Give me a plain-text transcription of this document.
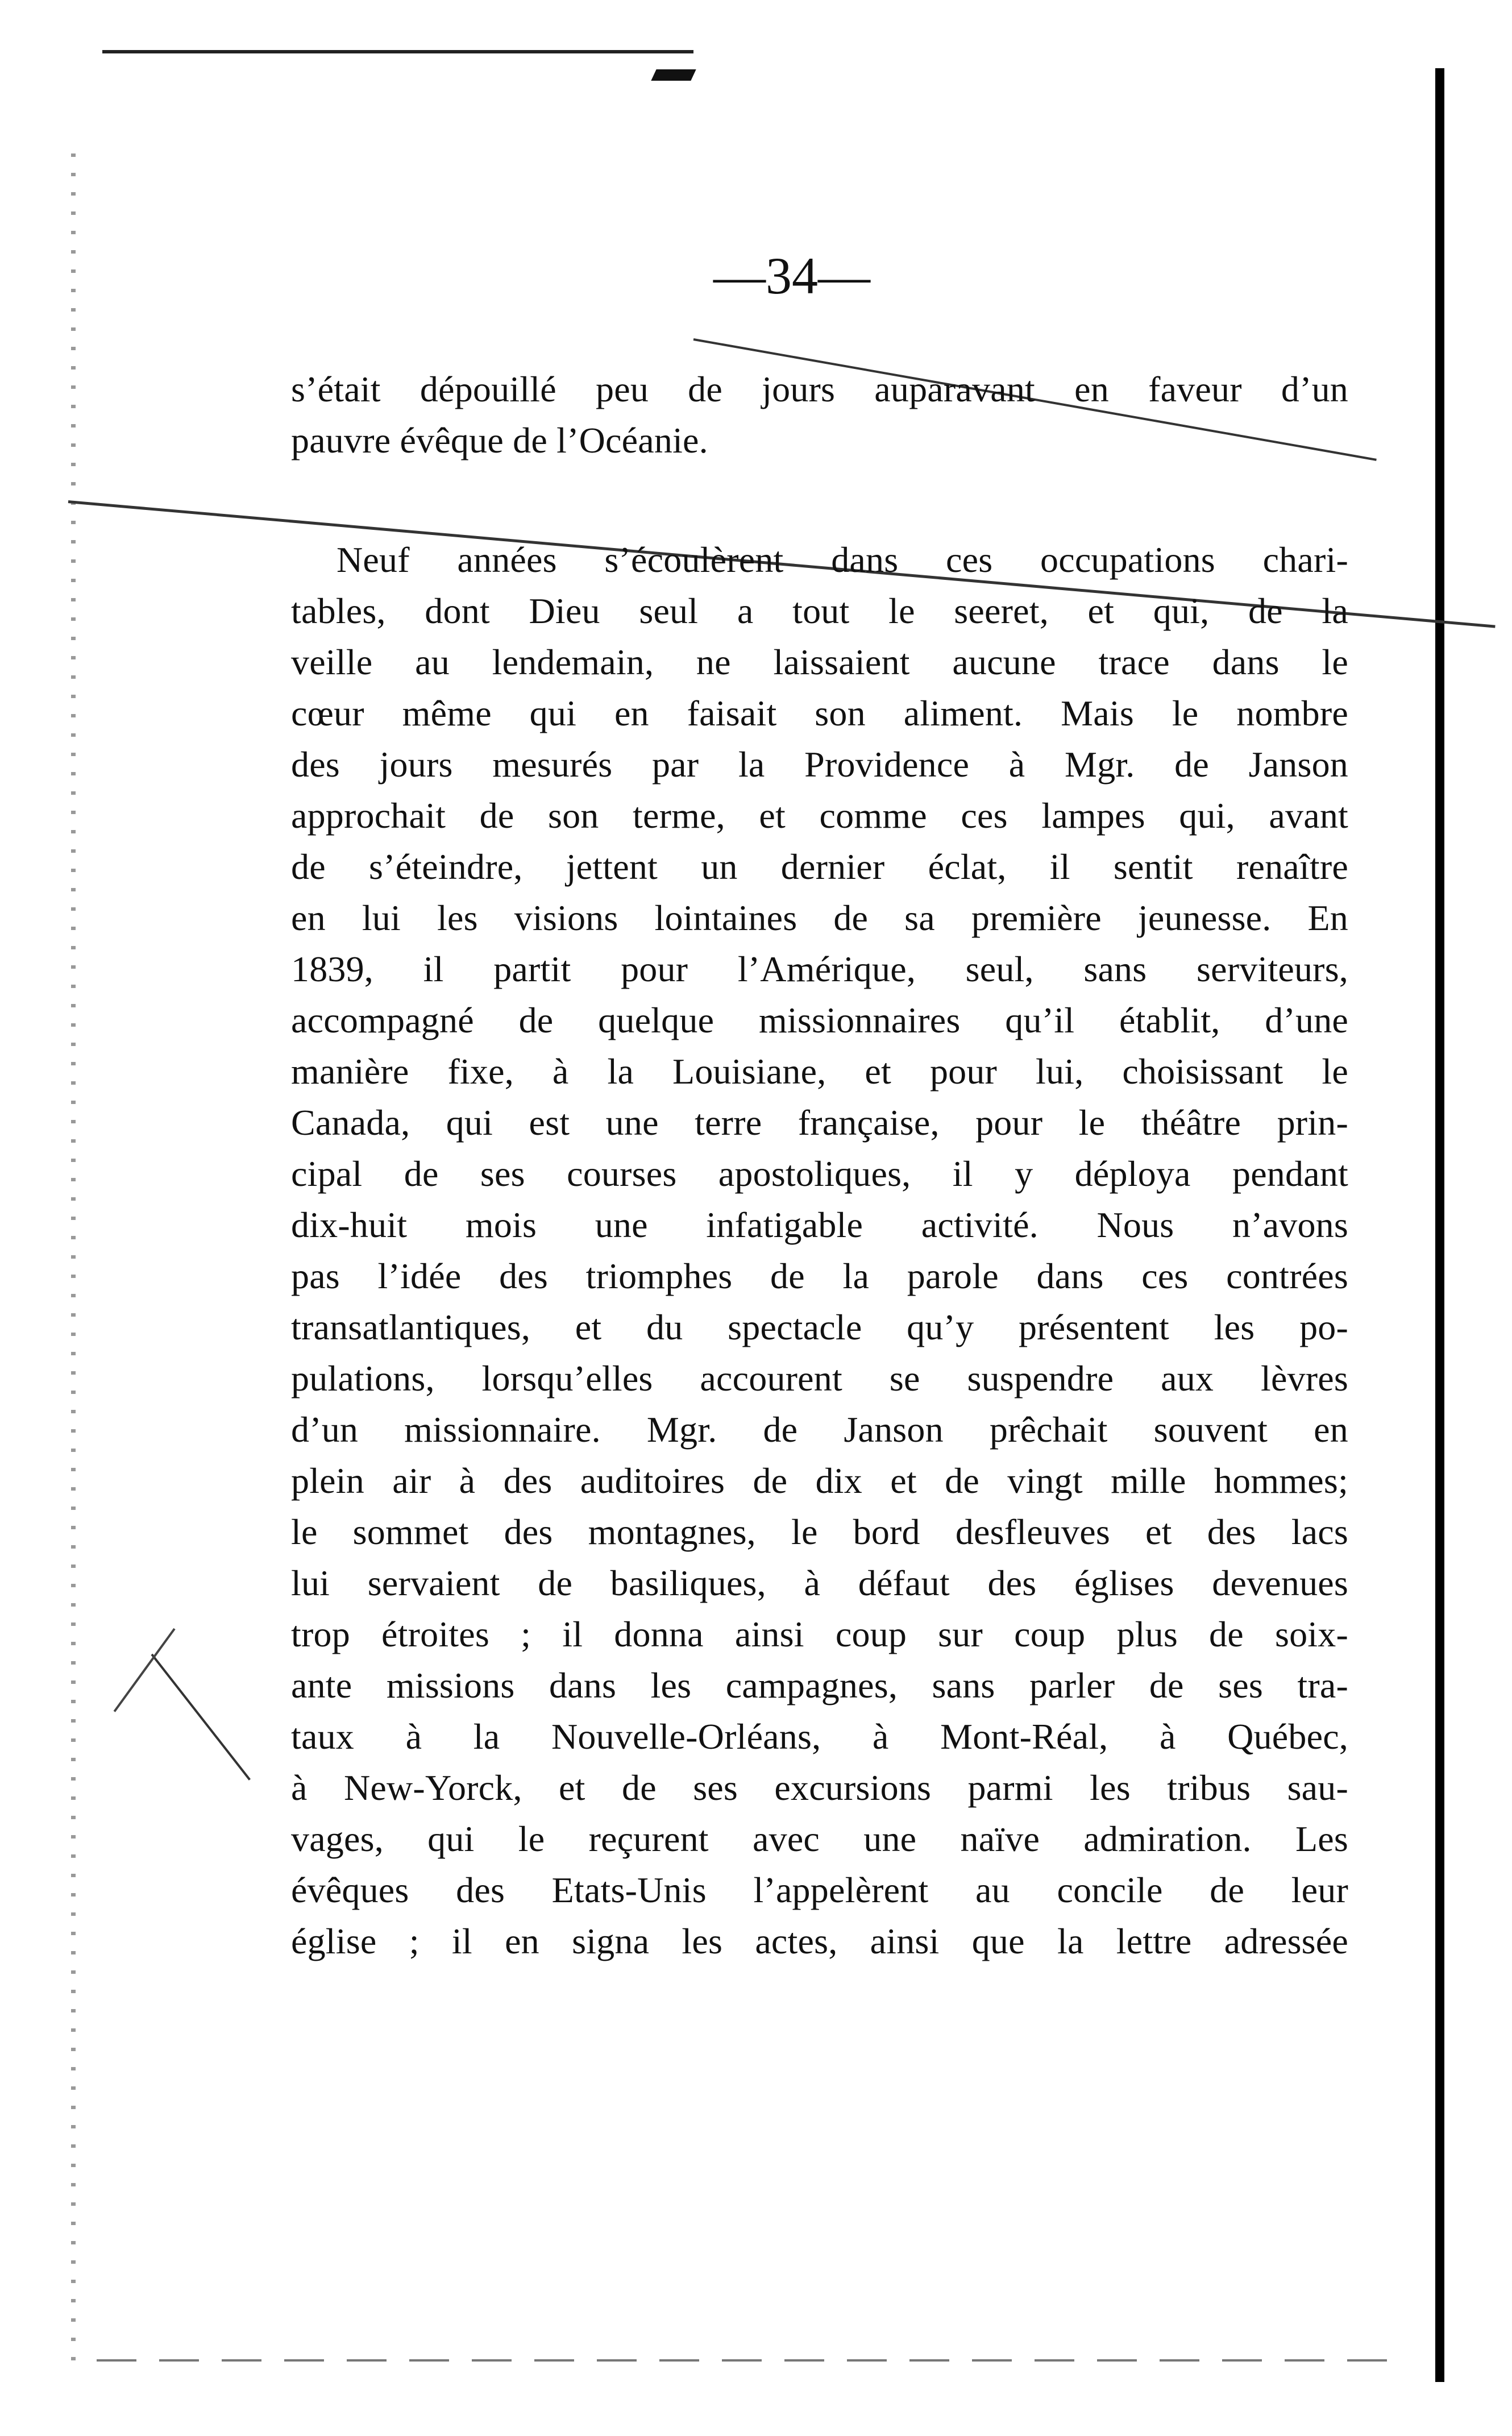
—34—
s’était dépouillé peu de jours auparavant en faveur d’un
pauvre évêque de l’Océanie.
Neuf années s’écoulèrent dans ces occupations chari-
tables, dont Dieu seul a tout le seeret, et qui, de la
veille au lendemain, ne laissaient aucune trace dans le
cœur même qui en faisait son aliment. Mais le nombre
des jours mesurés par la Providence à Mgr. de Janson
approchait de son terme, et comme ces lampes qui, avant
de s’éteindre, jettent un dernier éclat, il sentit renaître
en lui les visions lointaines de sa première jeunesse. En
1839, il partit pour l’Amérique, seul, sans serviteurs,
accompagné de quelque missionnaires qu’il établit, d’une
manière fixe, à la Louisiane, et pour lui, choisissant le
Canada, qui est une terre française, pour le théâtre prin-
cipal de ses courses apostoliques, il y déploya pendant
dix-huit mois une infatigable activité. Nous n’avons
pas l’idée des triomphes de la parole dans ces contrées
transatlantiques, et du spectacle qu’y présentent les po-
pulations, lorsqu’elles accourent se suspendre aux lèvres
d’un missionnaire. Mgr. de Janson prêchait souvent en
plein air à des auditoires de dix et de vingt mille hommes;
le sommet des montagnes, le bord desfleuves et des lacs
lui servaient de basiliques, à défaut des églises devenues
trop étroites ; il donna ainsi coup sur coup plus de soix-
ante missions dans les campagnes, sans parler de ses tra-
taux à la Nouvelle-Orléans, à Mont-Réal, à Québec,
à New-Yorck, et de ses excursions parmi les tribus sau-
vages, qui le reçurent avec une naïve admiration. Les
évêques des Etats-Unis l’appelèrent au concile de leur
église ; il en signa les actes, ainsi que la lettre adressée
